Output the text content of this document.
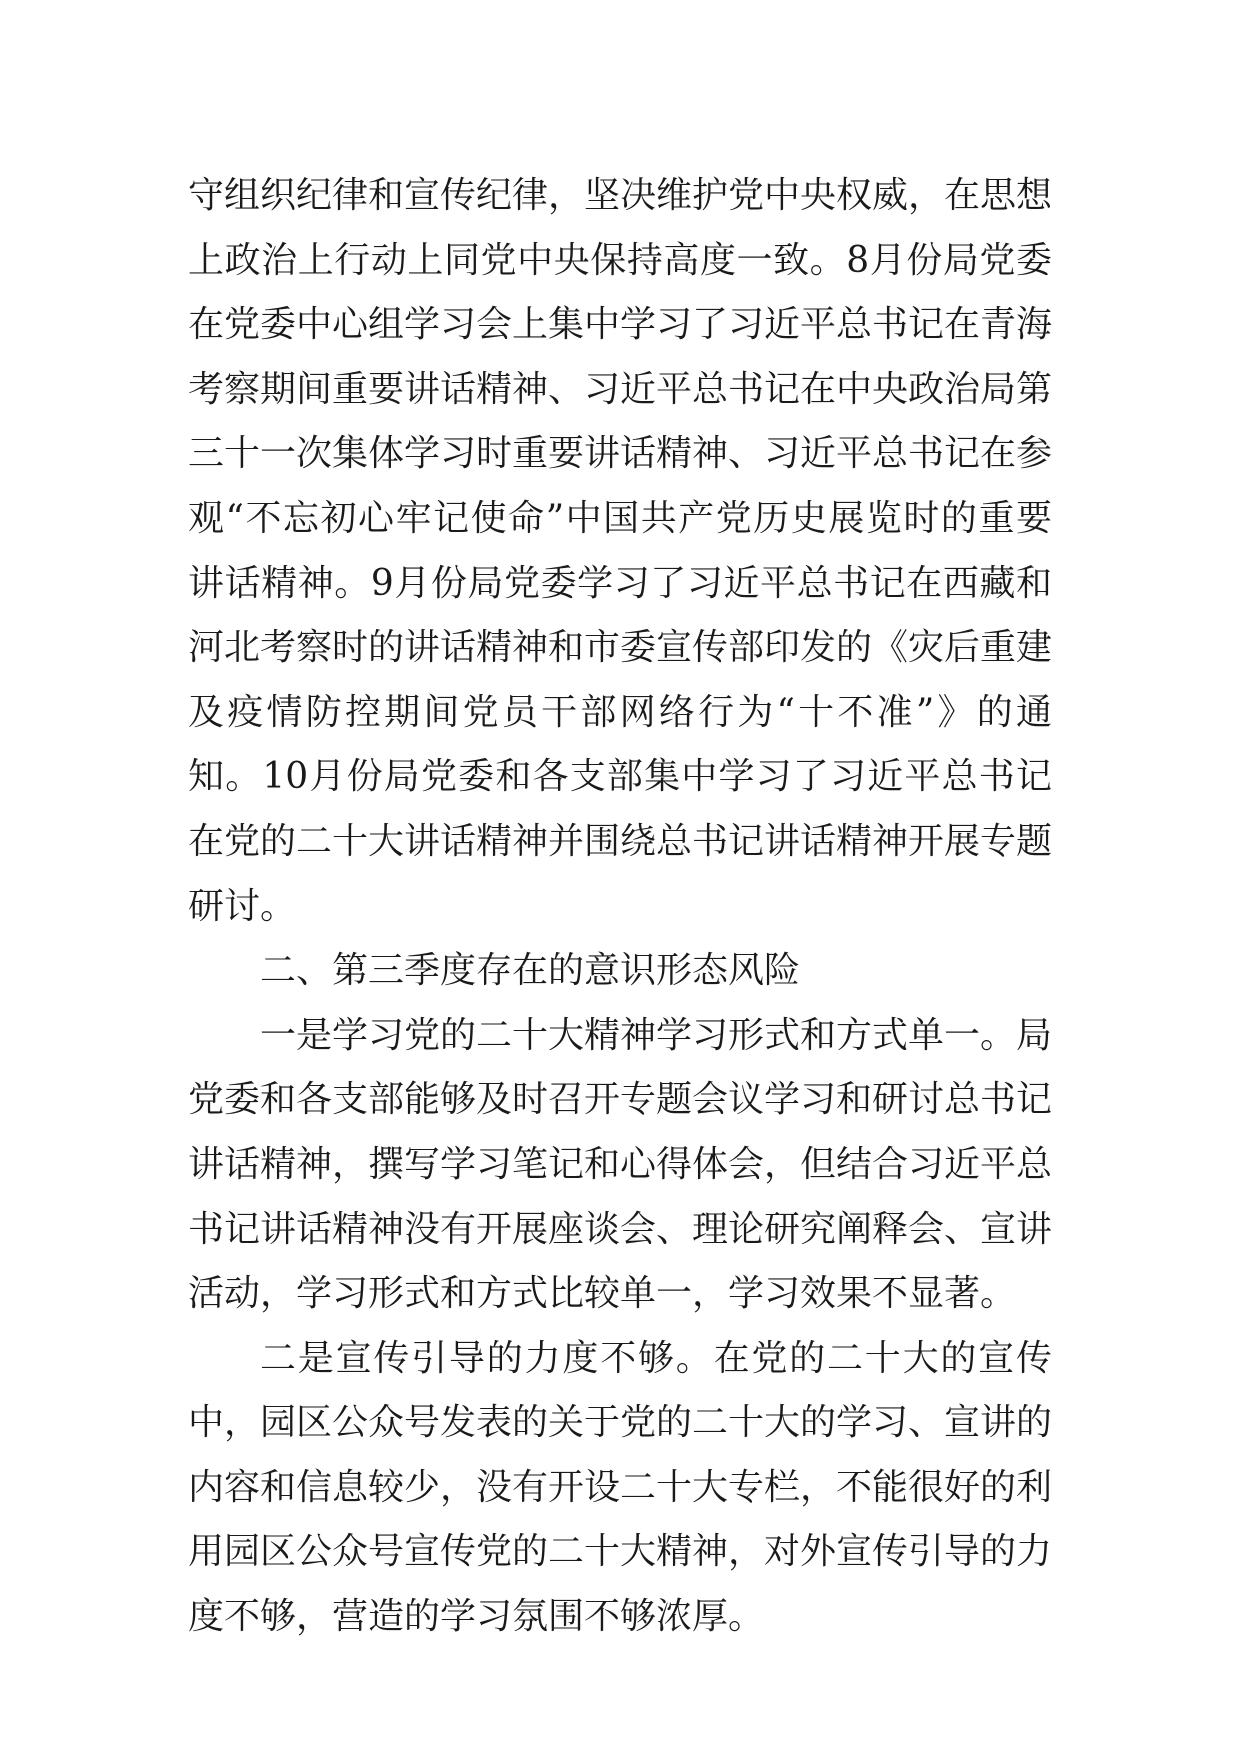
守组织纪律和宣传纪律，坚决维护党中央权威，在思想上政治上行动上同党中央保持高度一致。8月份局党委在党委中心组学习会上集中学习了习近平总书记在青海考察期间重要讲话精神、习近平总书记在中央政治局第三十一次集体学习时重要讲话精神、习近平总书记在参观“不忘初心牢记使命”中国共产党历史展览时的重要讲话精神。9月份局党委学习了习近平总书记在西藏和河北考察时的讲话精神和市委宣传部印发的《灾后重建及疫情防控期间党员干部网络行为“十不准”》的通知。10月份局党委和各支部集中学习了习近平总书记在党的二十大讲话精神并围绕总书记讲话精神开展专题研讨。

二、第三季度存在的意识形态风险

一是学习党的二十大精神学习形式和方式单一。局党委和各支部能够及时召开专题会议学习和研讨总书记讲话精神，撰写学习笔记和心得体会，但结合习近平总书记讲话精神没有开展座谈会、理论研究阐释会、宣讲活动，学习形式和方式比较单一，学习效果不显著。

二是宣传引导的力度不够。在党的二十大的宣传中，园区公众号发表的关于党的二十大的学习、宣讲的内容和信息较少，没有开设二十大专栏，不能很好的利用园区公众号宣传党的二十大精神，对外宣传引导的力度不够，营造的学习氛围不够浓厚。
